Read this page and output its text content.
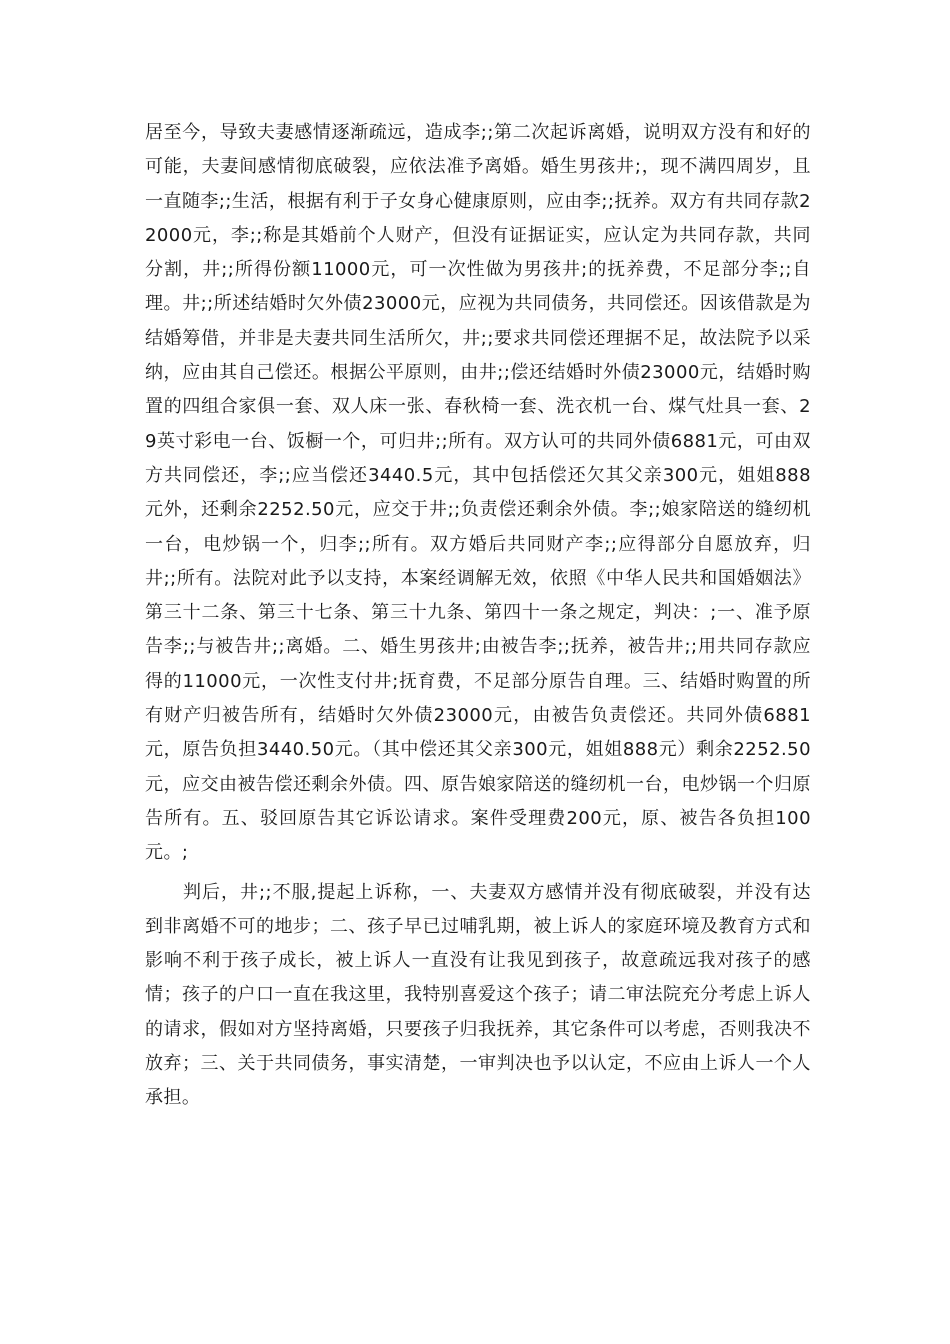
居至今，导致夫妻感情逐渐疏远，造成李;;第二次起诉离婚，说明双方没有和好的可能，夫妻间感情彻底破裂，应依法准予离婚。婚生男孩井;，现不满四周岁，且一直随李;;生活，根据有利于子女身心健康原则，应由李;;抚养。双方有共同存款22000元，李;;称是其婚前个人财产，但没有证据证实，应认定为共同存款，共同分割，井;;所得份额11000元，可一次性做为男孩井;的抚养费，不足部分李;;自理。井;;所述结婚时欠外债23000元，应视为共同债务，共同偿还。因该借款是为结婚筹借，并非是夫妻共同生活所欠，井;;要求共同偿还理据不足，故法院予以采纳，应由其自己偿还。根据公平原则，由井;;偿还结婚时外债23000元，结婚时购置的四组合家俱一套、双人床一张、春秋椅一套、洗衣机一台、煤气灶具一套、29英寸彩电一台、饭橱一个，可归井;;所有。双方认可的共同外债6881元，可由双方共同偿还，李;;应当偿还3440.5元，其中包括偿还欠其父亲300元，姐姐888元外，还剩余2252.50元，应交于井;;负责偿还剩余外债。李;;娘家陪送的缝纫机一台，电炒锅一个，归李;;所有。双方婚后共同财产李;;应得部分自愿放弃，归井;;所有。法院对此予以支持，本案经调解无效，依照《中华人民共和国婚姻法》第三十二条、第三十七条、第三十九条、第四十一条之规定，判决：;一、准予原告李;;与被告井;;离婚。二、婚生男孩井;由被告李;;抚养，被告井;;用共同存款应得的11000元，一次性支付井;抚育费，不足部分原告自理。三、结婚时购置的所有财产归被告所有，结婚时欠外债23000元，由被告负责偿还。共同外债6881元，原告负担3440.50元。（其中偿还其父亲300元，姐姐888元）剩余2252.50元，应交由被告偿还剩余外债。四、原告娘家陪送的缝纫机一台，电炒锅一个归原告所有。五、驳回原告其它诉讼请求。案件受理费200元，原、被告各负担100元。;

判后，井;;不服,提起上诉称，一、夫妻双方感情并没有彻底破裂，并没有达到非离婚不可的地步；二、孩子早已过哺乳期，被上诉人的家庭环境及教育方式和影响不利于孩子成长，被上诉人一直没有让我见到孩子，故意疏远我对孩子的感情；孩子的户口一直在我这里，我特别喜爱这个孩子；请二审法院充分考虑上诉人的请求，假如对方坚持离婚，只要孩子归我抚养，其它条件可以考虑，否则我决不放弃；三、关于共同债务，事实清楚，一审判决也予以认定，不应由上诉人一个人承担。
